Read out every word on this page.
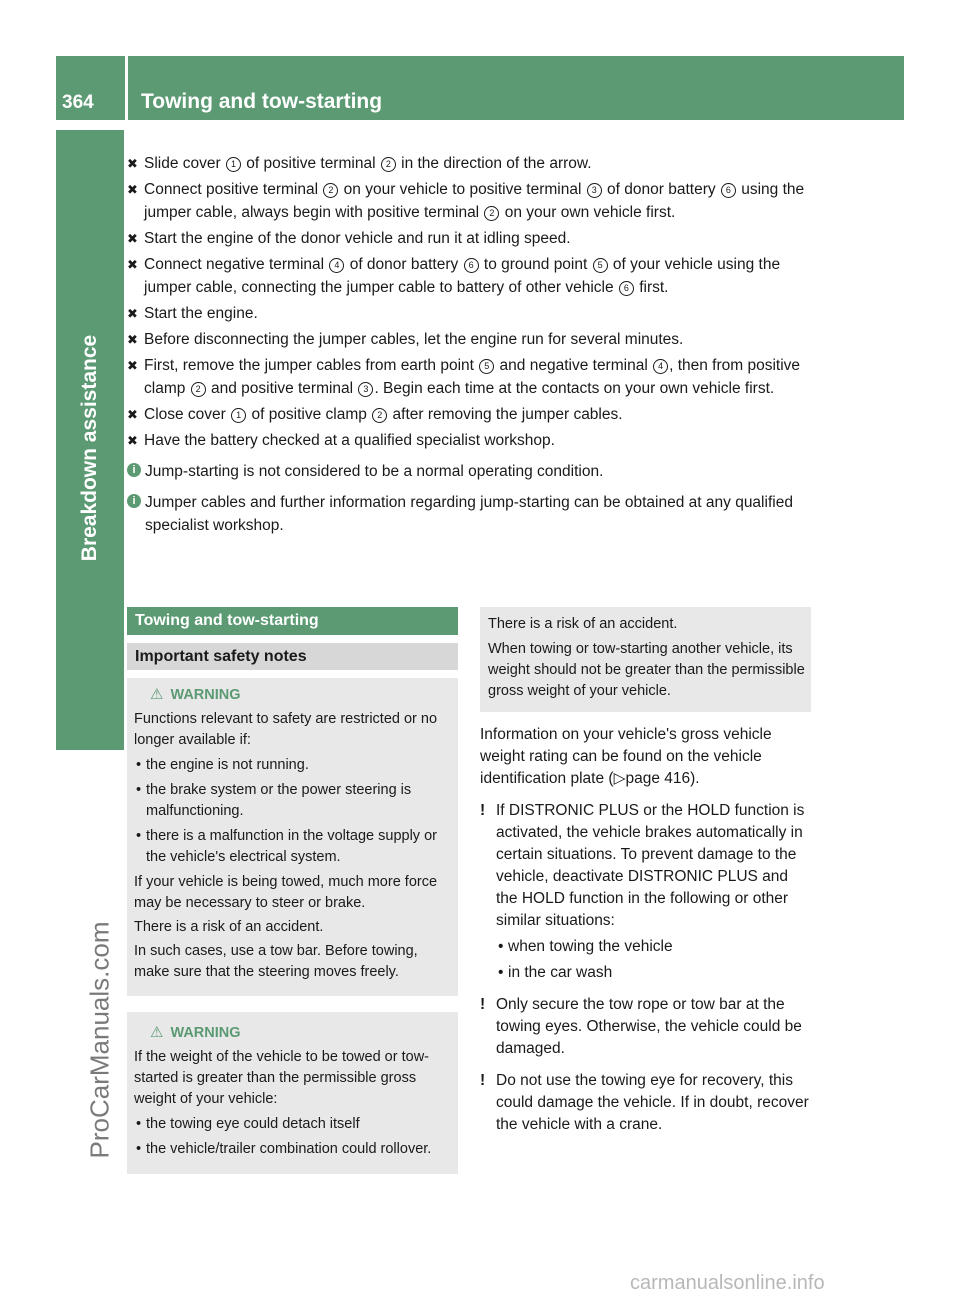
364 Towing and tow-starting
Breakdown assistance
ProCarManuals.com
✖ Slide cover 1 of positive terminal 2 in the direction of the arrow.
✖ Connect positive terminal 2 on your vehicle to positive terminal 3 of donor battery 6 using the jumper cable, always begin with positive terminal 2 on your own vehicle first.
✖ Start the engine of the donor vehicle and run it at idling speed.
✖ Connect negative terminal 4 of donor battery 6 to ground point 5 of your vehicle using the jumper cable, connecting the jumper cable to battery of other vehicle 6 first.
✖ Start the engine.
✖ Before disconnecting the jumper cables, let the engine run for several minutes.
✖ First, remove the jumper cables from earth point 5 and negative terminal 4 , then from positive clamp 2 and positive terminal 3 . Begin each time at the contacts on your own vehicle first.
✖ Close cover 1 of positive clamp 2 after removing the jumper cables.
✖ Have the battery checked at a qualified specialist workshop.
i Jump-starting is not considered to be a normal operating condition.
i Jumper cables and further information regarding jump-starting can be obtained at any qualified specialist workshop.
Towing and tow-starting
Important safety notes
⚠ WARNING

Functions relevant to safety are restricted or no longer available if:

• the engine is not running.
• the brake system or the power steering is malfunctioning.
• there is a malfunction in the voltage supply or the vehicle's electrical system.

If your vehicle is being towed, much more force may be necessary to steer or brake.

There is a risk of an accident.

In such cases, use a tow bar. Before towing, make sure that the steering moves freely.

⚠ WARNING

If the weight of the vehicle to be towed or tow-started is greater than the permissible gross weight of your vehicle:

• the towing eye could detach itself
• the vehicle/trailer combination could rollover.

There is a risk of an accident.

When towing or tow-starting another vehicle, its weight should not be greater than the permissible gross weight of your vehicle.

Information on your vehicle's gross vehicle weight rating can be found on the vehicle identification plate (▷page 416).
! If DISTRONIC PLUS or the HOLD function is activated, the vehicle brakes automatically in certain situations. To prevent damage to the vehicle, deactivate DISTRONIC PLUS and the HOLD function in the following or other similar situations:
• when towing the vehicle
• in the car wash
! Only secure the tow rope or tow bar at the towing eyes. Otherwise, the vehicle could be damaged.
! Do not use the towing eye for recovery, this could damage the vehicle. If in doubt, recover the vehicle with a crane.
carmanualsonline.info
